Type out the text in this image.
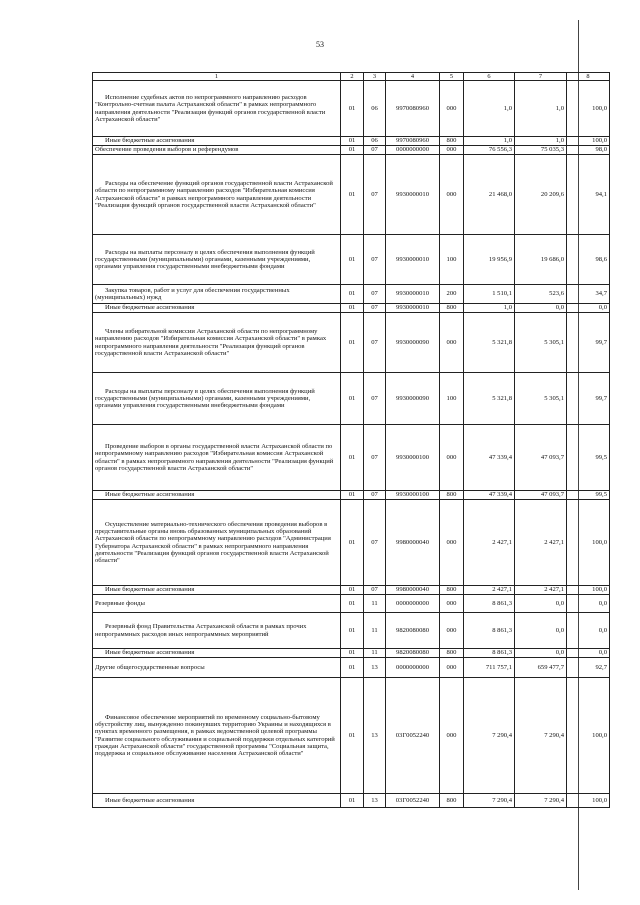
53
1	2	3	4	5	6	7	8
Исполнение судебных актов по непрограммного направлению расходов "Контрольно-счетная палата Астраханской области" в рамках непрограммного направления деятельности "Реализация функций органов государственной власти Астраханской области"	01	06	9970080960	000	1,0	1,0	100,0
Иные бюджетные ассигнования	01	06	9970080960	800	1,0	1,0	100,0
Обеспечение проведения выборов и референдумов	01	07	0000000000	000	76 556,3	75 035,3	98,0
Расходы на обеспечение функций органов государственной власти Астраханской области по непрограммному направлению расходов "Избирательная комиссия Астраханской области" в рамках непрограммного направления деятельности "Реализация функций органов государственной власти Астраханской области"	01	07	9930000010	000	21 468,0	20 209,6	94,1
Расходы на выплаты персоналу в целях обеспечения выполнения функций государственными (муниципальными) органами, казенными учреждениями, органами управления государственными внебюджетными фондами	01	07	9930000010	100	19 956,9	19 686,0	98,6
Закупка товаров, работ и услуг для обеспечения государственных (муниципальных) нужд	01	07	9930000010	200	1 510,1	523,6	34,7
Иные бюджетные ассигнования	01	07	9930000010	800	1,0	0,0	0,0
Члены избирательной комиссии Астраханской области по непрограммному направлению расходов "Избирательная комиссия Астраханской области" в рамках непрограммного направления деятельности "Реализация функций органов государственной власти Астраханской области"	01	07	9930000090	000	5 321,8	5 305,1	99,7
Расходы на выплаты персоналу в целях обеспечения выполнения функций государственными (муниципальными) органами, казенными учреждениями, органами управления государственными внебюджетными фондами	01	07	9930000090	100	5 321,8	5 305,1	99,7
Проведение выборов в органы государственной власти Астраханской области по непрограммному направлению расходов "Избирательная комиссия Астраханской области" в рамках непрограммного направления деятельности "Реализация функций органов государственной власти Астраханской области"	01	07	9930000100	000	47 339,4	47 093,7	99,5
Иные бюджетные ассигнования	01	07	9930000100	800	47 339,4	47 093,7	99,5
Осуществление материально-технического обеспечения проведения выборов в представительные органы вновь образованных муниципальных образований Астраханской области по непрограммному направлению расходов "Администрация Губернатора Астраханской области" в рамках непрограммного направления деятельности "Реализация функций органов государственной власти Астраханской области"	01	07	9980000040	000	2 427,1	2 427,1	100,0
Иные бюджетные ассигнования	01	07	9980000040	800	2 427,1	2 427,1	100,0
Резервные фонды	01	11	0000000000	000	8 861,3	0,0	0,0
Резервный фонд Правительства Астраханской области в рамках прочих непрограммных расходов иных непрограммных мероприятий	01	11	9820080080	000	8 861,3	0,0	0,0
Иные бюджетные ассигнования	01	11	9820080080	800	8 861,3	0,0	0,0
Другие общегосударственные вопросы	01	13	0000000000	000	711 757,1	659 477,7	92,7
Финансовое обеспечение мероприятий по временному социально-бытовому обустройству лиц, вынужденно покинувших территорию Украины и находящихся в пунктах временного размещения, в рамках ведомственной целевой программы "Развитие социального обслуживания и социальной поддержки отдельных категорий граждан Астраханской области" государственной программы "Социальная защита, поддержка и социальное обслуживание населения Астраханской области"	01	13	03Г0052240	000	7 290,4	7 290,4	100,0
Иные бюджетные ассигнования	01	13	03Г0052240	800	7 290,4	7 290,4	100,0
